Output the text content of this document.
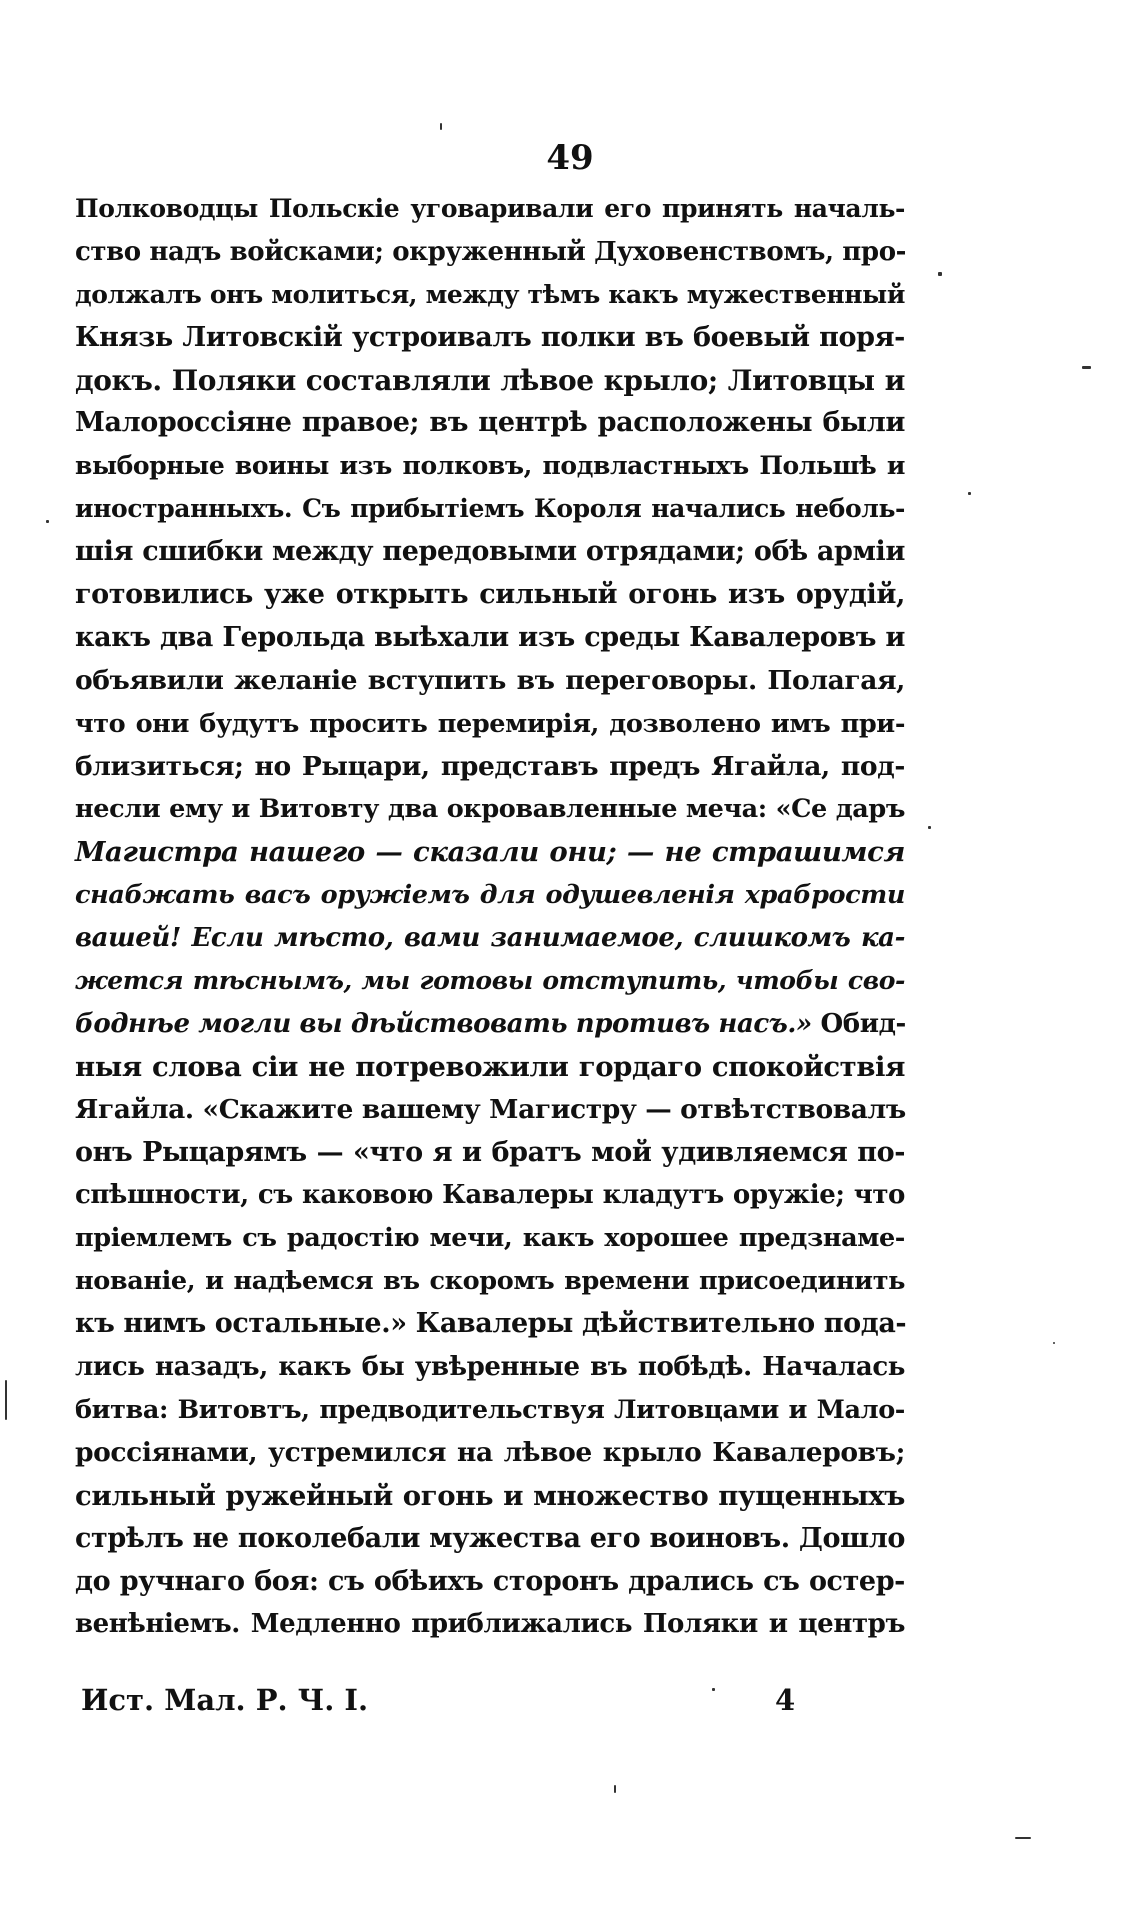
49
Полководцы Польскіе уговаривали его принять началь-
ство надъ войсками; окруженный Духовенствомъ, про-
должалъ онъ молиться, между тѣмъ какъ мужественный
Князь Литовскій устроивалъ полки въ боевый поря-
докъ. Поляки составляли лѣвое крыло; Литовцы и
Малороссіяне правое; въ центрѣ расположены были
выборные воины изъ полковъ, подвластныхъ Польшѣ и
иностранныхъ. Съ прибытіемъ Короля начались неболь-
шія сшибки между передовыми отрядами; обѣ арміи
готовились уже открыть сильный огонь изъ орудій,
какъ два Герольда выѣхали изъ среды Кавалеровъ и
объявили желаніе вступить въ переговоры. Полагая,
что они будутъ просить перемирія, дозволено имъ при-
близиться; но Рыцари, представъ предъ Ягайла, под-
несли ему и Витовту два окровавленные меча: «Се даръ
Магистра нашего — сказали они; — не страшимся
снабжать васъ оружіемъ для одушевленія храбрости
вашей! Если мѣсто, вами занимаемое, слишкомъ ка-
жется тѣснымъ, мы готовы отступить, чтобы сво-
боднѣе могли вы дѣйствовать противъ насъ.» Обид-
ныя слова сіи не потревожили гордаго спокойствія
Ягайла. «Скажите вашему Магистру — отвѣтствовалъ
онъ Рыцарямъ — «что я и братъ мой удивляемся по-
спѣшности, съ каковою Кавалеры кладутъ оружіе; что
пріемлемъ съ радостію мечи, какъ хорошее предзнаме-
нованіе, и надѣемся въ скоромъ времени присоединить
къ нимъ остальные.» Кавалеры дѣйствительно пода-
лись назадъ, какъ бы увѣренные въ побѣдѣ. Началась
битва: Витовтъ, предводительствуя Литовцами и Мало-
россіянами, устремился на лѣвое крыло Кавалеровъ;
сильный ружейный огонь и множество пущенныхъ
стрѣлъ не поколебали мужества его воиновъ. Дошло
до ручнаго боя: съ обѣихъ сторонъ дрались съ остер-
венѣніемъ. Медленно приближались Поляки и центръ
Ист. Мал. Р. Ч. I.	4
